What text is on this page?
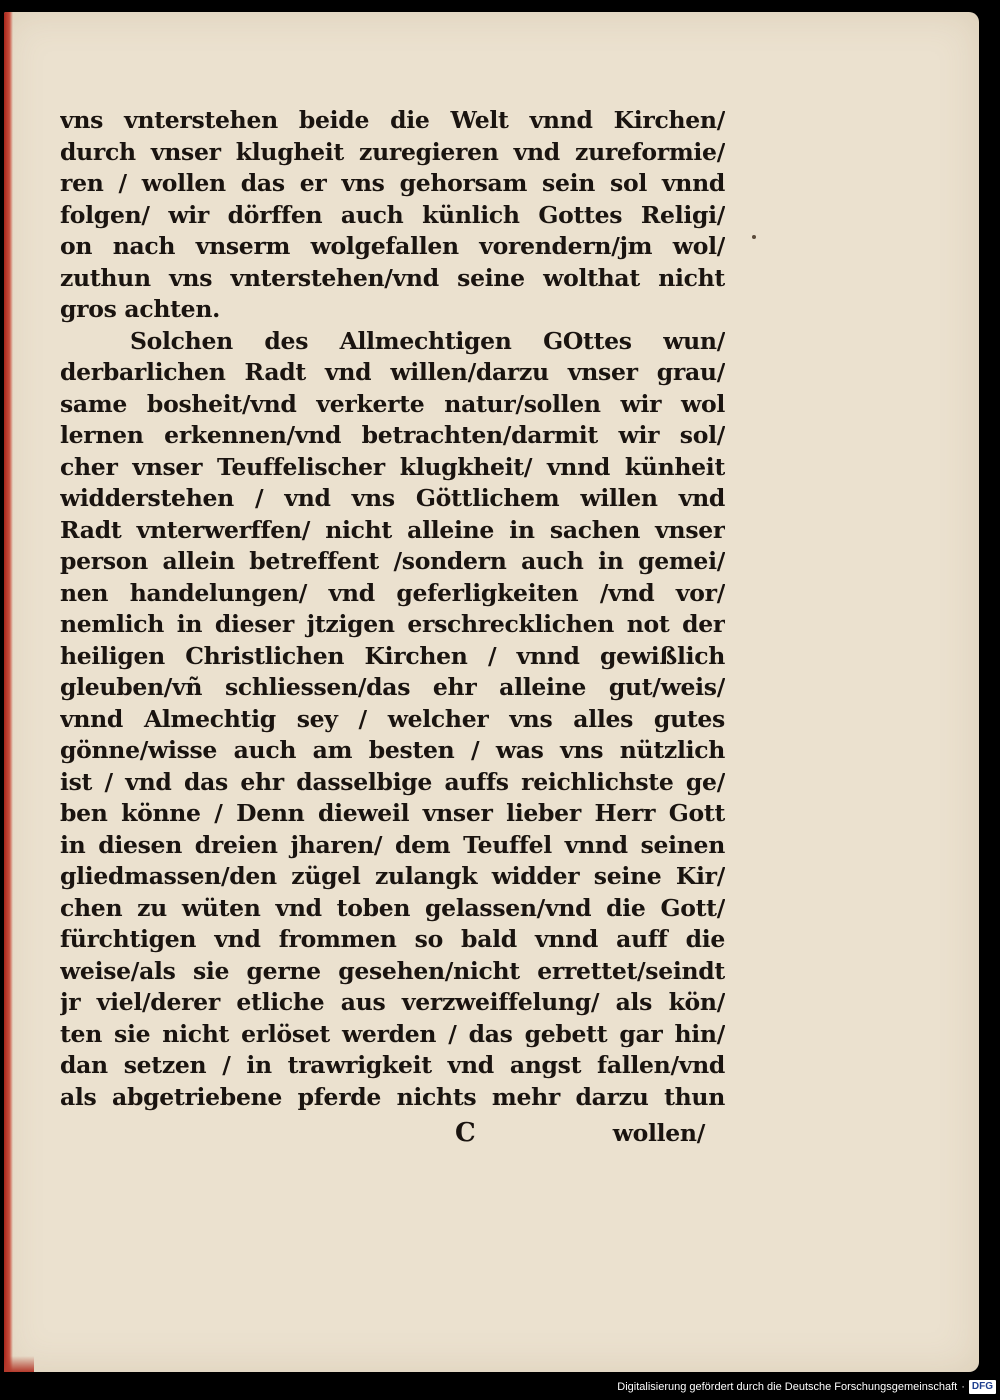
vns vnterstehen beide die Welt vnnd Kirchen/
durch vnser klugheit zuregieren vnd zureformie/
ren / wollen das er vns gehorsam sein sol vnnd
folgen/ wir dörffen auch künlich Gottes Religi/
on nach vnserm wolgefallen vorendern/jm wol/
zuthun vns vnterstehen/vnd seine wolthat nicht
gros achten.
Solchen des Allmechtigen GOttes wun/
derbarlichen Radt vnd willen/darzu vnser grau/
same bosheit/vnd verkerte natur/sollen wir wol
lernen erkennen/vnd betrachten/darmit wir sol/
cher vnser Teuffelischer klugkheit/ vnnd künheit
widderstehen / vnd vns Göttlichem willen vnd
Radt vnterwerffen/ nicht alleine in sachen vnser
person allein betreffent /sondern auch in gemei/
nen handelungen/ vnd geferligkeiten /vnd vor/
nemlich in dieser jtzigen erschrecklichen not der
heiligen Christlichen Kirchen / vnnd gewißlich
gleuben/vñ schliessen/das ehr alleine gut/weis/
vnnd Almechtig sey / welcher vns alles gutes
gönne/wisse auch am besten / was vns nützlich
ist / vnd das ehr dasselbige auffs reichlichste ge/
ben könne / Denn dieweil vnser lieber Herr Gott
in diesen dreien jharen/ dem Teuffel vnnd seinen
gliedmassen/den zügel zulangk widder seine Kir/
chen zu wüten vnd toben gelassen/vnd die Gott/
fürchtigen vnd frommen so bald vnnd auff die
weise/als sie gerne gesehen/nicht errettet/seindt
jr viel/derer etliche aus verzweiffelung/ als kön/
ten sie nicht erlöset werden / das gebett gar hin/
dan setzen / in trawrigkeit vnd angst fallen/vnd
als abgetriebene pferde nichts mehr darzu thun
C	wollen/
Digitalisierung gefördert durch die Deutsche Forschungsgemeinschaft · DFG
